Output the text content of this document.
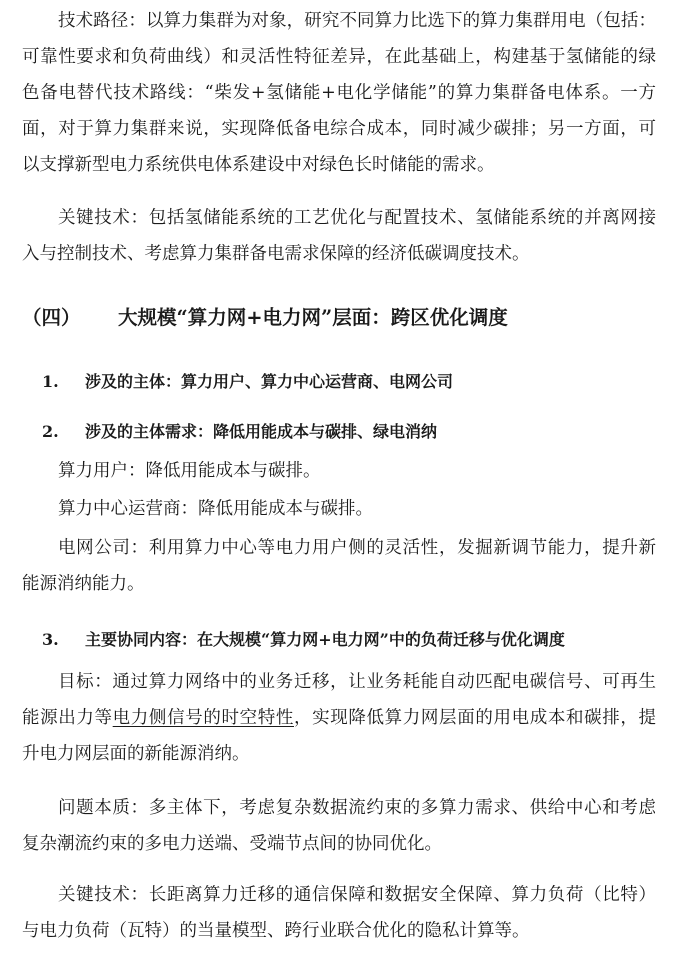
技术路径：以算力集群为对象，研究不同算力比选下的算力集群用电（包括：
可靠性要求和负荷曲线）和灵活性特征差异，在此基础上，构建基于氢储能的绿
色备电替代技术路线：“柴发+氢储能+电化学储能”的算力集群备电体系。一方
面，对于算力集群来说，实现降低备电综合成本，同时减少碳排；另一方面，可
以支撑新型电力系统供电体系建设中对绿色长时储能的需求。
关键技术：包括氢储能系统的工艺优化与配置技术、氢储能系统的并离网接
入与控制技术、考虑算力集群备电需求保障的经济低碳调度技术。
（四） 大规模“算力网+电力网”层面：跨区优化调度
1. 涉及的主体：算力用户、算力中心运营商、电网公司
2. 涉及的主体需求：降低用能成本与碳排、绿电消纳
算力用户：降低用能成本与碳排。
算力中心运营商：降低用能成本与碳排。
电网公司：利用算力中心等电力用户侧的灵活性，发掘新调节能力，提升新
能源消纳能力。
3. 主要协同内容：在大规模“算力网+电力网”中的负荷迁移与优化调度
目标：通过算力网络中的业务迁移，让业务耗能自动匹配电碳信号、可再生
能源出力等电力侧信号的时空特性，实现降低算力网层面的用电成本和碳排，提
升电力网层面的新能源消纳。
问题本质：多主体下，考虑复杂数据流约束的多算力需求、供给中心和考虑
复杂潮流约束的多电力送端、受端节点间的协同优化。
关键技术：长距离算力迁移的通信保障和数据安全保障、算力负荷（比特）
与电力负荷（瓦特）的当量模型、跨行业联合优化的隐私计算等。
